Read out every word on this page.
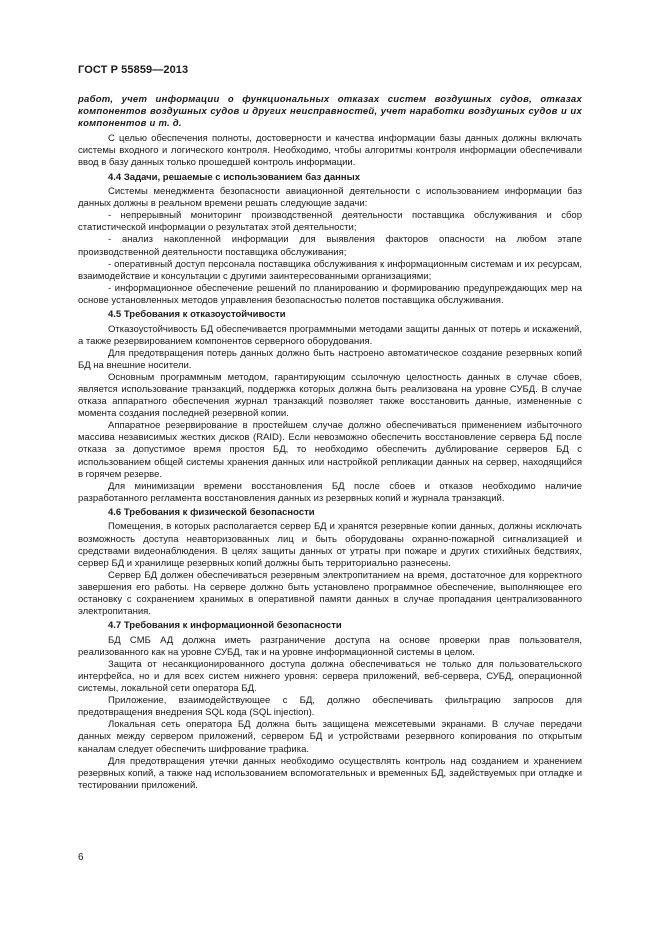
ГОСТ Р 55859—2013

работ, учет информации о функциональных отказах систем воздушных судов, отказах компонентов воздушных судов и других неисправностей, учет наработки воздушных судов и их компонентов и т. д.

С целью обеспечения полноты, достоверности и качества информации базы данных должны включать системы входного и логического контроля. Необходимо, чтобы алгоритмы контроля информации обеспечивали ввод в базу данных только прошедшей контроль информации.

4.4 Задачи, решаемые с использованием баз данных

Системы менеджмента безопасности авиационной деятельности с использованием информации баз данных должны в реальном времени решать следующие задачи:

- непрерывный мониторинг производственной деятельности поставщика обслуживания и сбор статистической информации о результатах этой деятельности;

- анализ накопленной информации для выявления факторов опасности на любом этапе производственной деятельности поставщика обслуживания;

- оперативный доступ персонала поставщика обслуживания к информационным системам и их ресурсам, взаимодействие и консультации с другими заинтересованными организациями;

- информационное обеспечение решений по планированию и формированию предупреждающих мер на основе установленных методов управления безопасностью полетов поставщика обслуживания.

4.5 Требования к отказоустойчивости

Отказоустойчивость БД обеспечивается программными методами защиты данных от потерь и искажений, а также резервированием компонентов серверного оборудования.

Для предотвращения потерь данных должно быть настроено автоматическое создание резервных копий БД на внешние носители.

Основным программным методом, гарантирующим ссылочную целостность данных в случае сбоев, является использование транзакций, поддержка которых должна быть реализована на уровне СУБД. В случае отказа аппаратного обеспечения журнал транзакций позволяет также восстановить данные, измененные с момента создания последней резервной копии.

Аппаратное резервирование в простейшем случае должно обеспечиваться применением избыточного массива независимых жестких дисков (RAID). Если невозможно обеспечить восстановление сервера БД после отказа за допустимое время простоя БД, то необходимо обеспечить дублирование серверов БД с использованием общей системы хранения данных или настройкой репликации данных на сервер, находящийся в горячем резерве.

Для минимизации времени восстановления БД после сбоев и отказов необходимо наличие разработанного регламента восстановления данных из резервных копий и журнала транзакций.

4.6 Требования к физической безопасности

Помещения, в которых располагается сервер БД и хранятся резервные копии данных, должны исключать возможность доступа неавторизованных лиц и быть оборудованы охранно-пожарной сигнализацией и средствами видеонаблюдения. В целях защиты данных от утраты при пожаре и других стихийных бедствиях, сервер БД и хранилище резервных копий должны быть территориально разнесены.

Сервер БД должен обеспечиваться резервным электропитанием на время, достаточное для корректного завершения его работы. На сервере должно быть установлено программное обеспечение, выполняющее его остановку с сохранением хранимых в оперативной памяти данных в случае пропадания централизованного электропитания.

4.7 Требования к информационной безопасности

БД СМБ АД должна иметь разграничение доступа на основе проверки прав пользователя, реализованного как на уровне СУБД, так и на уровне информационной системы в целом.

Защита от несанкционированного доступа должна обеспечиваться не только для пользовательского интерфейса, но и для всех систем нижнего уровня: сервера приложений, веб-сервера, СУБД, операционной системы, локальной сети оператора БД.

Приложение, взаимодействующее с БД, должно обеспечивать фильтрацию запросов для предотвращения внедрения SQL кода (SQL injection).

Локальная сеть оператора БД должна быть защищена межсетевыми экранами. В случае передачи данных между сервером приложений, сервером БД и устройствами резервного копирования по открытым каналам следует обеспечить шифрование трафика.

Для предотвращения утечки данных необходимо осуществлять контроль над созданием и хранением резервных копий, а также над использованием вспомогательных и временных БД, задействуемых при отладке и тестировании приложений.

6
